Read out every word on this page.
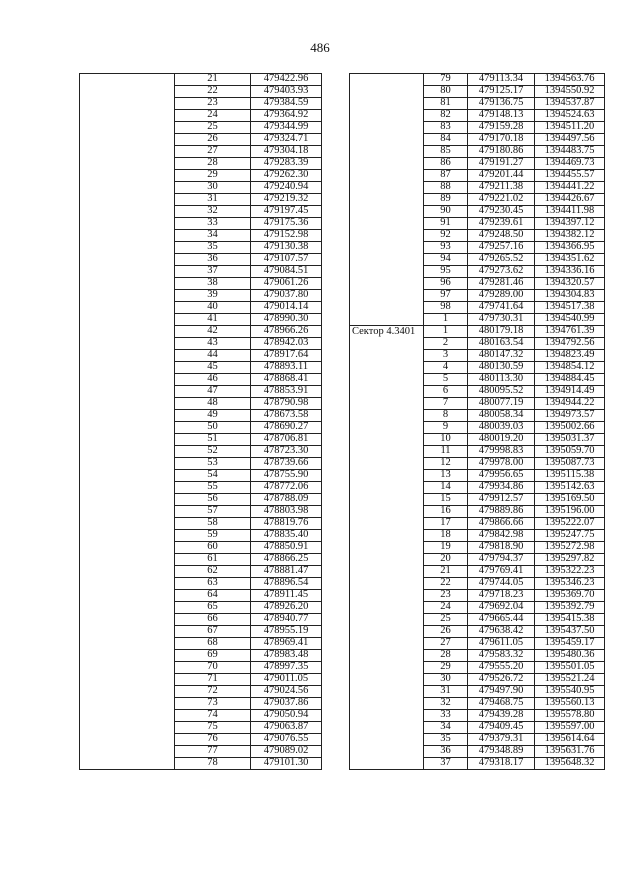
486
	21	479422.96	
	22	479403.93	
	23	479384.59	
	24	479364.92	
	25	479344.99	
	26	479324.71	
	27	479304.18	
	28	479283.39	
	29	479262.30	
	30	479240.94	
	31	479219.32	
	32	479197.45	
	33	479175.36	
	34	479152.98	
	35	479130.38	
	36	479107.57	
	37	479084.51	
	38	479061.26	
	39	479037.80	
	40	479014.14	
	41	478990.30	
	42	478966.26	
	43	478942.03	
	44	478917.64	
	45	478893.11	
	46	478868.41	
	47	478853.91	
	48	478790.98	
	49	478673.58	
	50	478690.27	
	51	478706.81	
	52	478723.30	
	53	478739.66	
	54	478755.90	
	55	478772.06	
	56	478788.09	
	57	478803.98	
	58	478819.76	
	59	478835.40	
	60	478850.91	
	61	478866.25	
	62	478881.47	
	63	478896.54	
	64	478911.45	
	65	478926.20	
	66	478940.77	
	67	478955.19	
	68	478969.41	
	69	478983.48	
	70	478997.35	
	71	479011.05	
	72	479024.56	
	73	479037.86	
	74	479050.94	
	75	479063.87	
	76	479076.55	
	77	479089.02	
	78	479101.30	
	79	479113.34	1394563.76
	80	479125.17	1394550.92
	81	479136.75	1394537.87
	82	479148.13	1394524.63
	83	479159.28	1394511.20
	84	479170.18	1394497.56
	85	479180.86	1394483.75
	86	479191.27	1394469.73
	87	479201.44	1394455.57
	88	479211.38	1394441.22
	89	479221.02	1394426.67
	90	479230.45	1394411.98
	91	479239.61	1394397.12
	92	479248.50	1394382.12
	93	479257.16	1394366.95
	94	479265.52	1394351.62
	95	479273.62	1394336.16
	96	479281.46	1394320.57
	97	479289.00	1394304.83
	98	479741.64	1394517.38
	1	479730.31	1394540.99
Сектор 4.3401	1	480179.18	1394761.39
	2	480163.54	1394792.56
	3	480147.32	1394823.49
	4	480130.59	1394854.12
	5	480113.30	1394884.45
	6	480095.52	1394914.49
	7	480077.19	1394944.22
	8	480058.34	1394973.57
	9	480039.03	1395002.66
	10	480019.20	1395031.37
	11	479998.83	1395059.70
	12	479978.00	1395087.73
	13	479956.65	1395115.38
	14	479934.86	1395142.63
	15	479912.57	1395169.50
	16	479889.86	1395196.00
	17	479866.66	1395222.07
	18	479842.98	1395247.75
	19	479818.90	1395272.98
	20	479794.37	1395297.82
	21	479769.41	1395322.23
	22	479744.05	1395346.23
	23	479718.23	1395369.70
	24	479692.04	1395392.79
	25	479665.44	1395415.38
	26	479638.42	1395437.50
	27	479611.05	1395459.17
	28	479583.32	1395480.36
	29	479555.20	1395501.05
	30	479526.72	1395521.24
	31	479497.90	1395540.95
	32	479468.75	1395560.13
	33	479439.28	1395578.80
	34	479409.45	1395597.00
	35	479379.31	1395614.64
	36	479348.89	1395631.76
	37	479318.17	1395648.32
